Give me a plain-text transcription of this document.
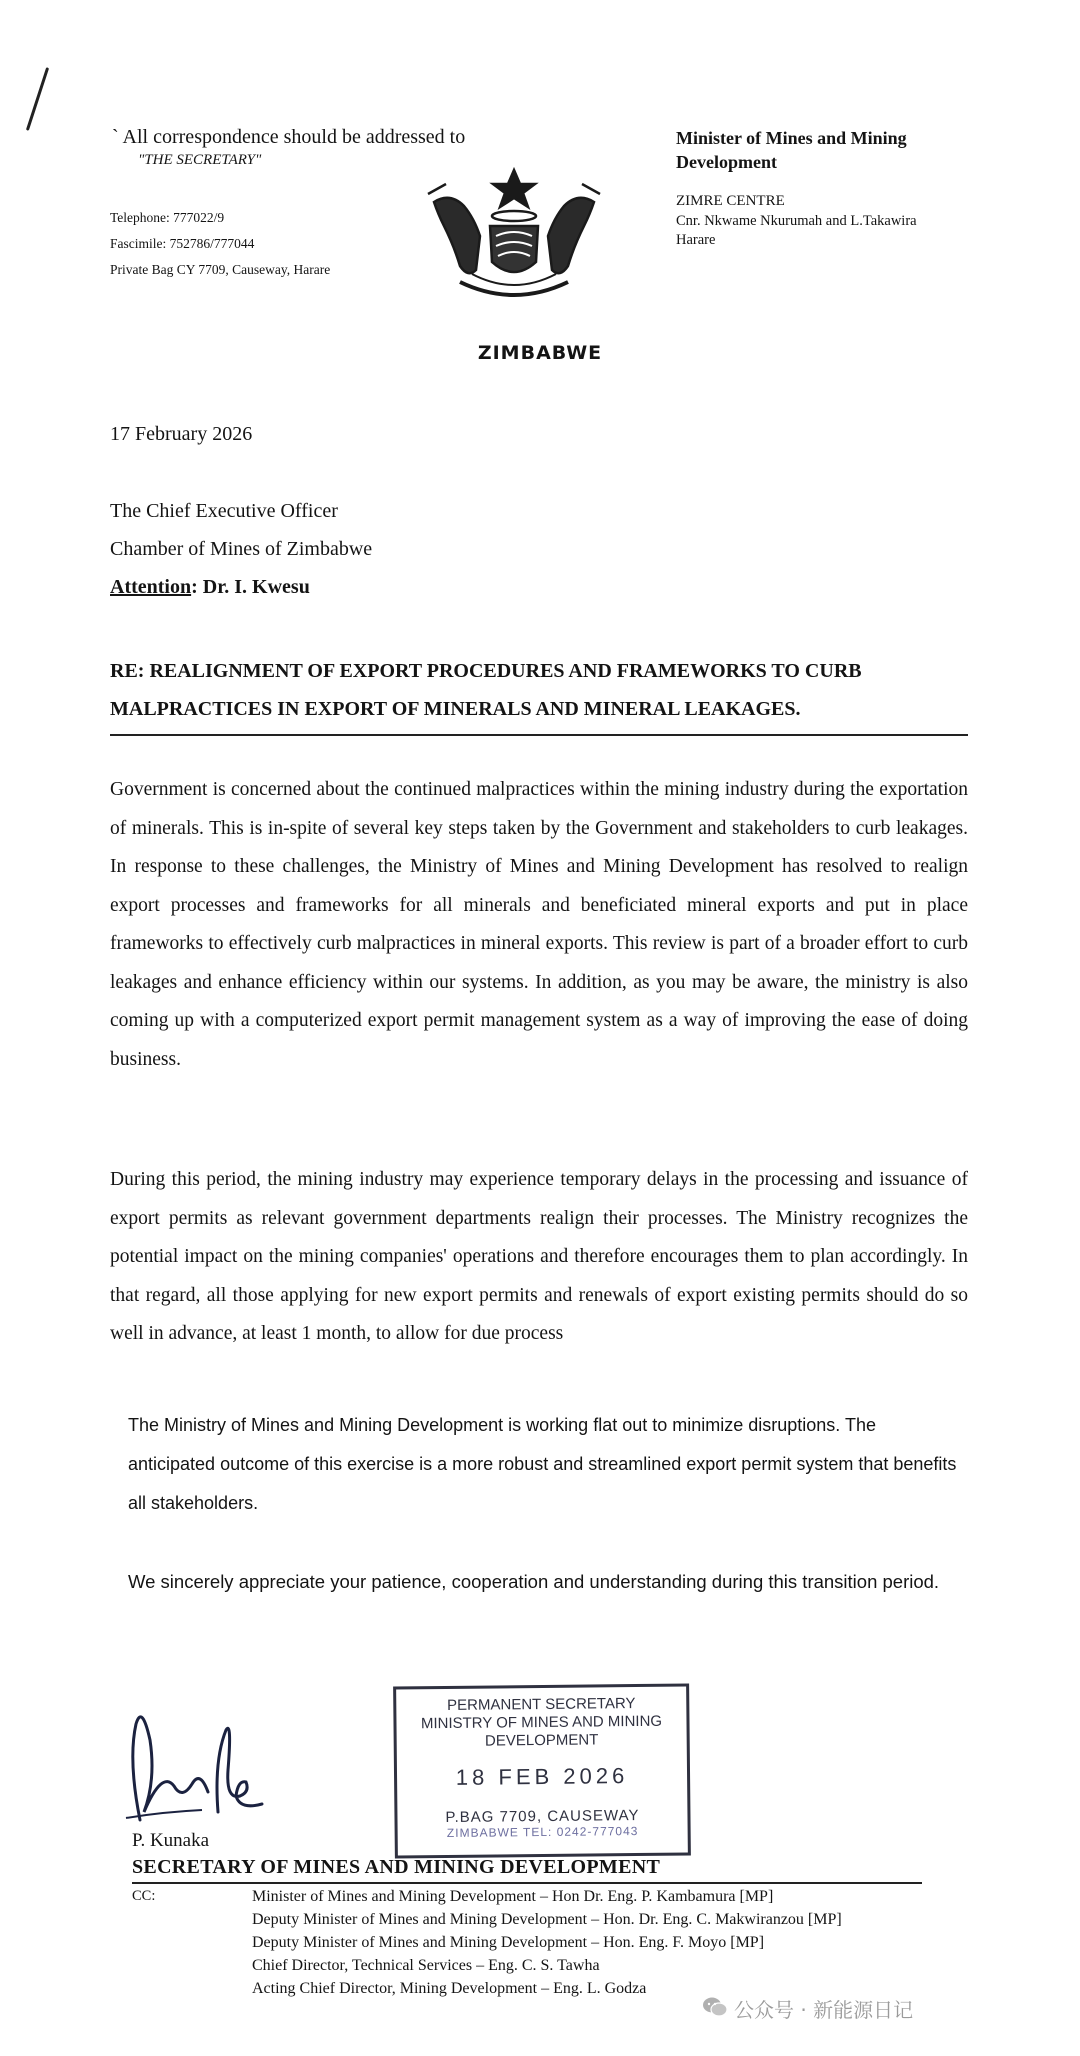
` All correspondence should be addressed to
"THE SECRETARY"
Telephone: 777022/9
Fascimile: 752786/777044
Private Bag CY 7709, Causeway, Harare
Minister of Mines and Mining Development
ZIMRE CENTRE
Cnr. Nkwame Nkurumah and L.Takawira
Harare
ZIMBABWE
17 February 2026
The Chief Executive Officer
Chamber of Mines of Zimbabwe
Attention: Dr. I. Kwesu
RE: REALIGNMENT OF EXPORT PROCEDURES AND FRAMEWORKS TO CURB MALPRACTICES IN EXPORT OF MINERALS AND MINERAL LEAKAGES.
Government is concerned about the continued malpractices within the mining industry during the exportation of minerals. This is in-spite of several key steps taken by the Government and stakeholders to curb leakages. In response to these challenges, the Ministry of Mines and Mining Development has resolved to realign export processes and frameworks for all minerals and beneficiated mineral exports and put in place frameworks to effectively curb malpractices in mineral exports. This review is part of a broader effort to curb leakages and enhance efficiency within our systems. In addition, as you may be aware, the ministry is also coming up with a computerized export permit management system as a way of improving the ease of doing business.
During this period, the mining industry may experience temporary delays in the processing and issuance of export permits as relevant government departments realign their processes. The Ministry recognizes the potential impact on the mining companies' operations and therefore encourages them to plan accordingly. In that regard, all those applying for new export permits and renewals of export existing permits should do so well in advance, at least 1 month, to allow for due process
The Ministry of Mines and Mining Development is working flat out to minimize disruptions. The anticipated outcome of this exercise is a more robust and streamlined export permit system that benefits all stakeholders.
We sincerely appreciate your patience, cooperation and understanding during this transition period.
P. Kunaka
PERMANENT SECRETARY
MINISTRY OF MINES AND MINING
DEVELOPMENT
18 FEB 2026
P.BAG 7709, CAUSEWAY
ZIMBABWE TEL: 0242-777043
SECRETARY OF MINES AND MINING DEVELOPMENT
CC:	Minister of Mines and Mining Development – Hon Dr. Eng. P. Kambamura [MP]
Deputy Minister of Mines and Mining Development – Hon. Dr. Eng. C. Makwiranzou [MP]
Deputy Minister of Mines and Mining Development – Hon. Eng. F. Moyo [MP]
Chief Director, Technical Services – Eng. C. S. Tawha
Acting Chief Director, Mining Development – Eng. L. Godza
公众号 · 新能源日记
